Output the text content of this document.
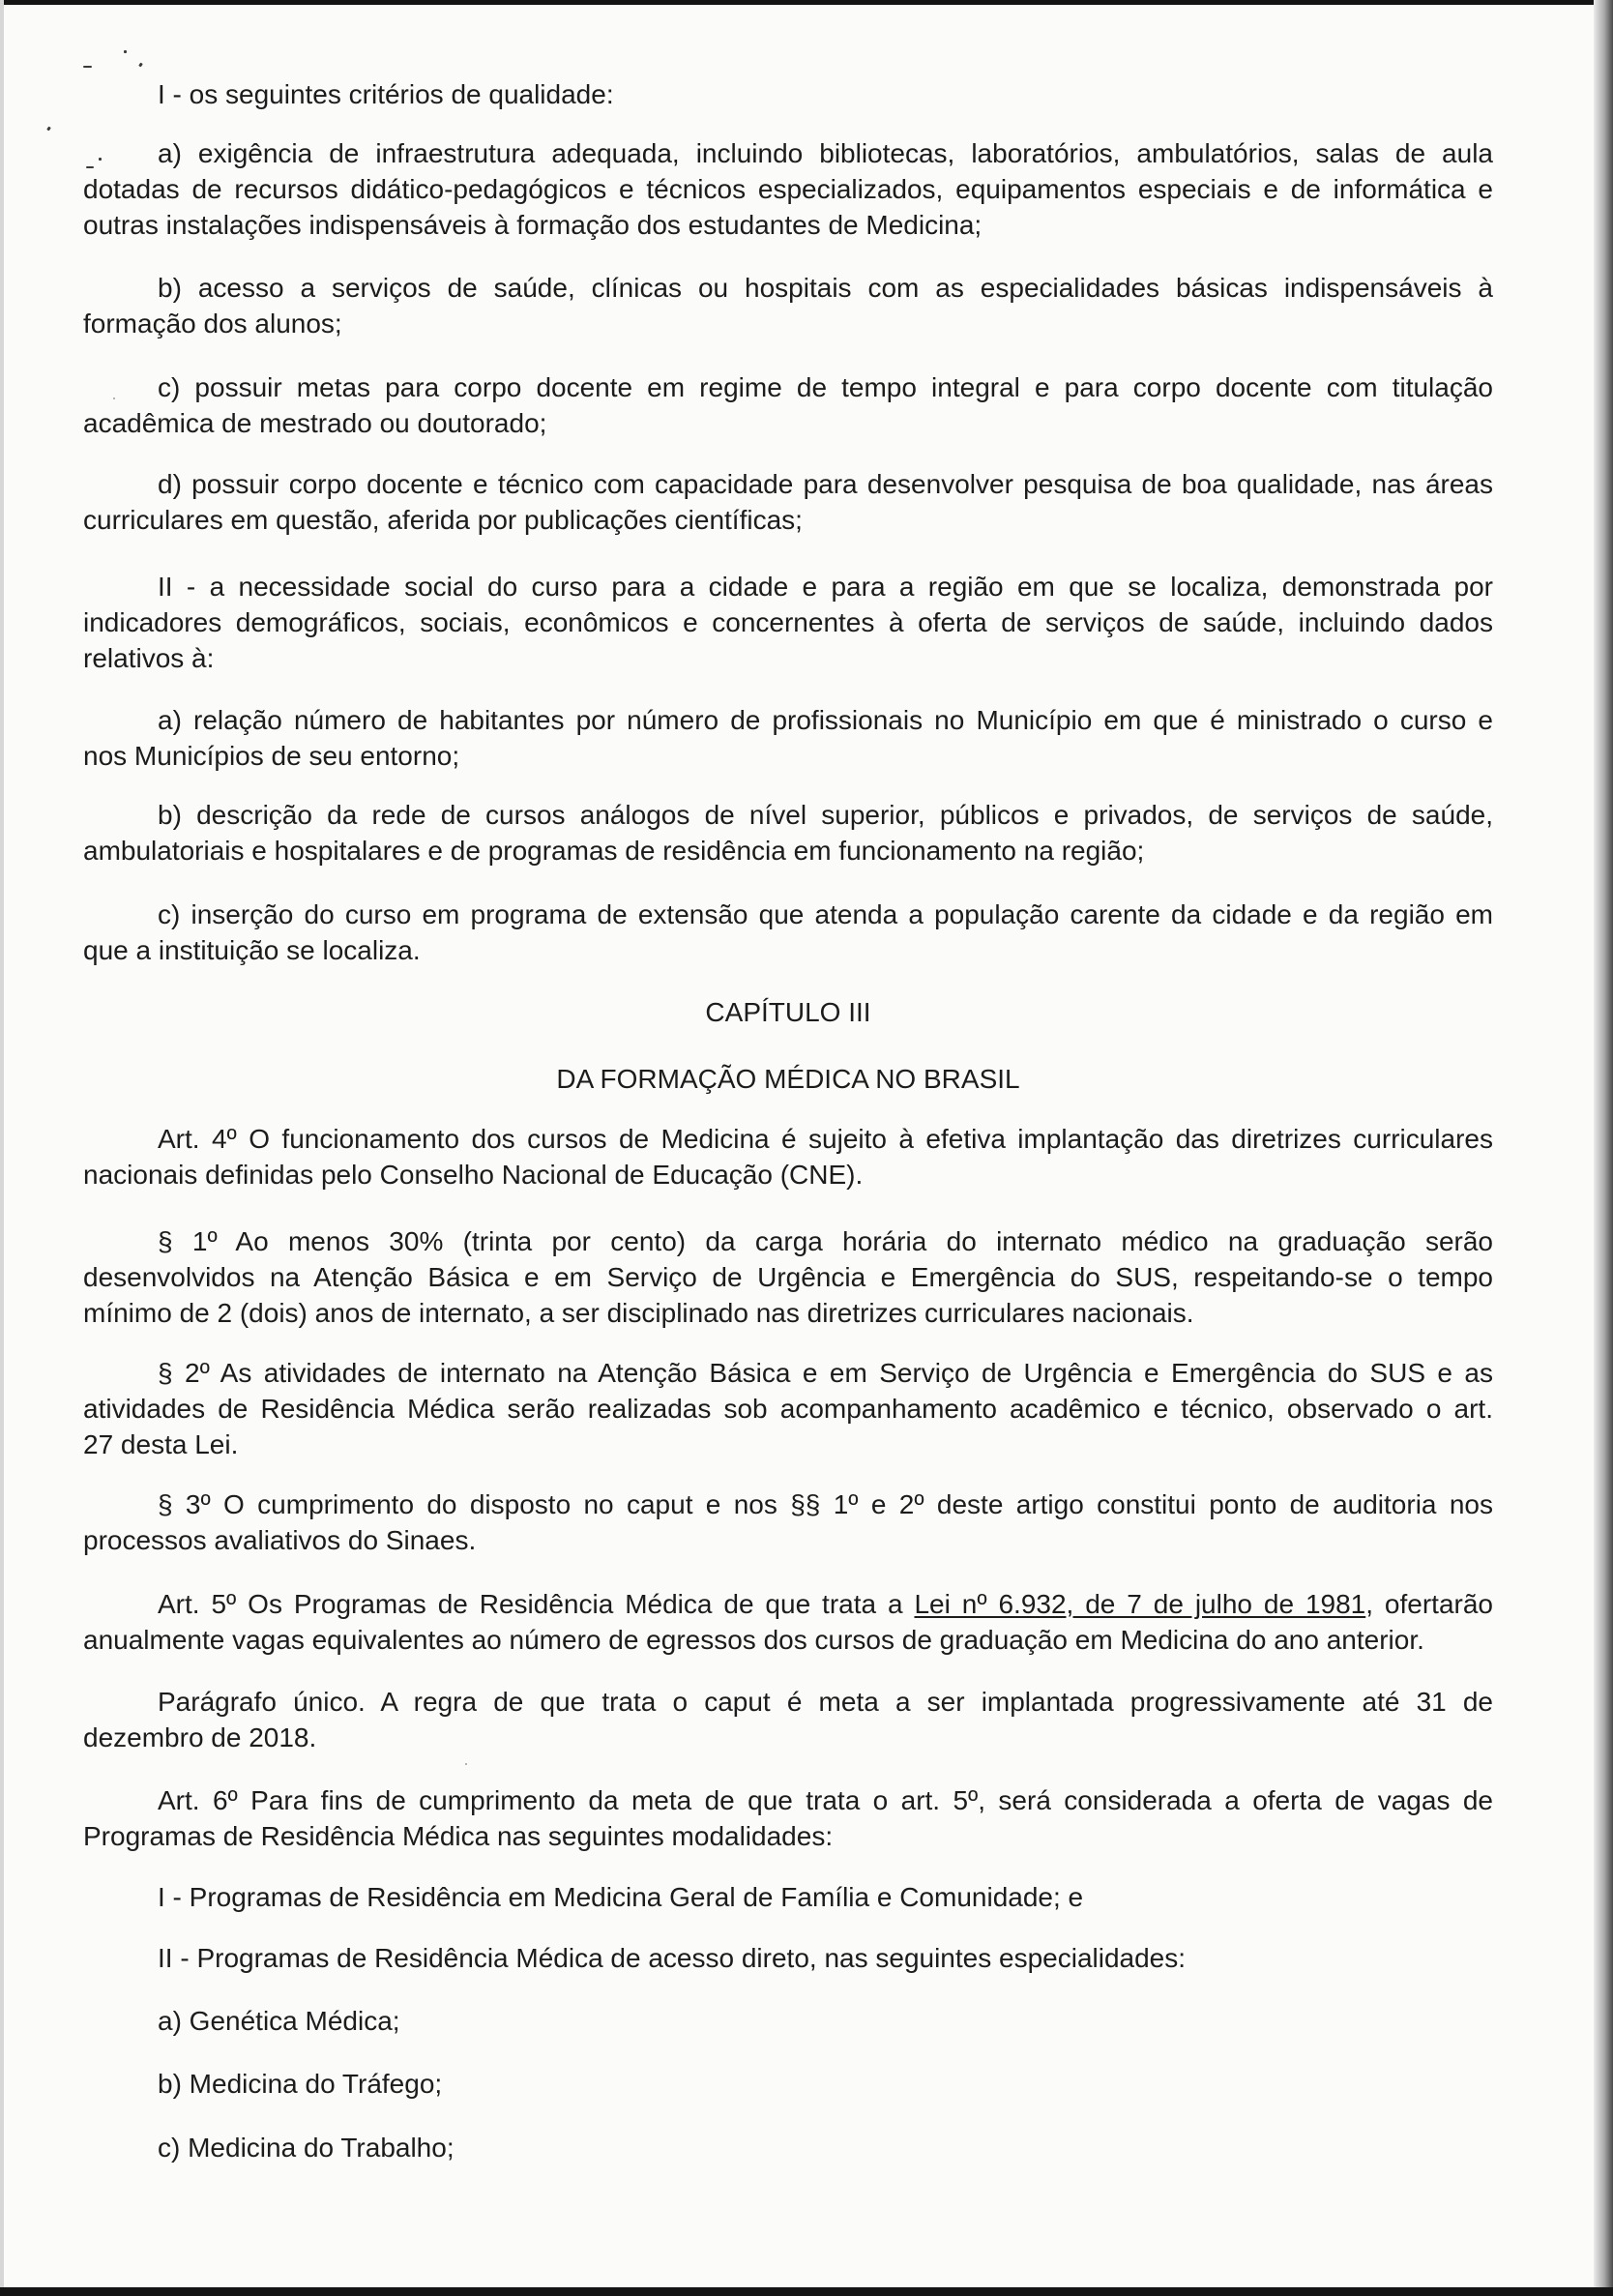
I - os seguintes critérios de qualidade:
a) exigência de infraestrutura adequada, incluindo bibliotecas, laboratórios, ambulatórios, salas de aula
dotadas de recursos didático-pedagógicos e técnicos especializados, equipamentos especiais e de informática e
outras instalações indispensáveis à formação dos estudantes de Medicina;
b) acesso a serviços de saúde, clínicas ou hospitais com as especialidades básicas indispensáveis à
formação dos alunos;
c) possuir metas para corpo docente em regime de tempo integral e para corpo docente com titulação
acadêmica de mestrado ou doutorado;
d) possuir corpo docente e técnico com capacidade para desenvolver pesquisa de boa qualidade, nas áreas
curriculares em questão, aferida por publicações científicas;
II - a necessidade social do curso para a cidade e para a região em que se localiza, demonstrada por
indicadores demográficos, sociais, econômicos e concernentes à oferta de serviços de saúde, incluindo dados
relativos à:
a) relação número de habitantes por número de profissionais no Município em que é ministrado o curso e
nos Municípios de seu entorno;
b) descrição da rede de cursos análogos de nível superior, públicos e privados, de serviços de saúde,
ambulatoriais e hospitalares e de programas de residência em funcionamento na região;
c) inserção do curso em programa de extensão que atenda a população carente da cidade e da região em
que a instituição se localiza.
CAPÍTULO III
DA FORMAÇÃO MÉDICA NO BRASIL
Art. 4º O funcionamento dos cursos de Medicina é sujeito à efetiva implantação das diretrizes curriculares
nacionais definidas pelo Conselho Nacional de Educação (CNE).
§ 1º Ao menos 30% (trinta por cento) da carga horária do internato médico na graduação serão
desenvolvidos na Atenção Básica e em Serviço de Urgência e Emergência do SUS, respeitando-se o tempo
mínimo de 2 (dois) anos de internato, a ser disciplinado nas diretrizes curriculares nacionais.
§ 2º As atividades de internato na Atenção Básica e em Serviço de Urgência e Emergência do SUS e as
atividades de Residência Médica serão realizadas sob acompanhamento acadêmico e técnico, observado o art.
27 desta Lei.
§ 3º O cumprimento do disposto no caput e nos §§ 1º e 2º deste artigo constitui ponto de auditoria nos
processos avaliativos do Sinaes.
Art. 5º Os Programas de Residência Médica de que trata a Lei nº 6.932, de 7 de julho de 1981, ofertarão
anualmente vagas equivalentes ao número de egressos dos cursos de graduação em Medicina do ano anterior.
Parágrafo único. A regra de que trata o caput é meta a ser implantada progressivamente até 31 de
dezembro de 2018.
Art. 6º Para fins de cumprimento da meta de que trata o art. 5º, será considerada a oferta de vagas de
Programas de Residência Médica nas seguintes modalidades:
I - Programas de Residência em Medicina Geral de Família e Comunidade; e
II - Programas de Residência Médica de acesso direto, nas seguintes especialidades:
a) Genética Médica;
b) Medicina do Tráfego;
c) Medicina do Trabalho;
